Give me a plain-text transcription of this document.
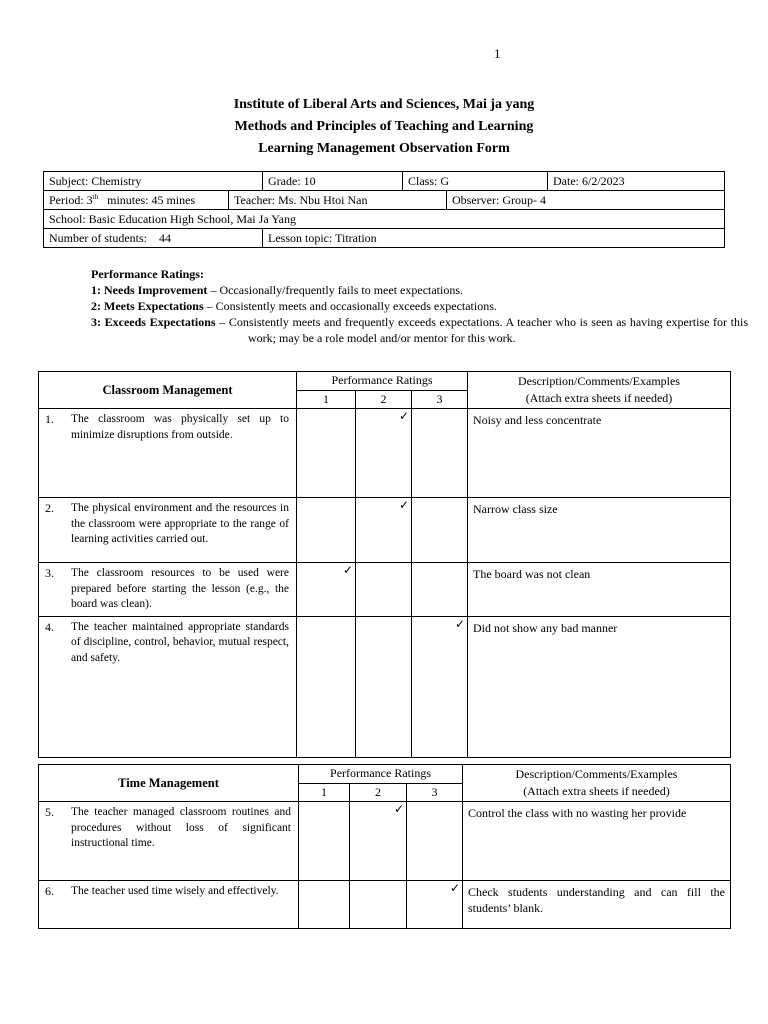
1
Institute of Liberal Arts and Sciences, Mai ja yang
Methods and Principles of Teaching and Learning
Learning Management Observation Form
Subject: Chemistry	Grade: 10	Class: G	Date: 6/2/2023

Period: 3th   minutes: 45 mines	Teacher: Ms. Nbu Htoi Nan	Observer: Group- 4

School: Basic Education High School, Mai Ja Yang
Number of students:    44	Lesson topic: Titration

Performance Ratings:

1: Needs Improvement – Occasionally/frequently fails to meet expectations.

2: Meets Expectations – Consistently meets and occasionally exceeds expectations.

3: Exceeds Expectations – Consistently meets and frequently exceeds expectations. A teacher who is seen as having expertise for this work; may be a role model and/or mentor for this work.

Classroom Management	Performance Ratings			Description/Comments/Examples
(Attach extra sheets if needed)

	1	2	3	

1. The classroom was physically set up to minimize disruptions from outside.		✓		Noisy and less concentrate

2. The physical environment and the resources in the classroom were appropriate to the range of learning activities carried out.		✓		Narrow class size

3. The classroom resources to be used were prepared before starting the lesson (e.g., the board was clean).	✓			The board was not clean

4. The teacher maintained appropriate standards of discipline, control, behavior, mutual respect, and safety.			✓	Did not show any bad manner
Time Management	Performance Ratings			Description/Comments/Examples
(Attach extra sheets if needed)

	1	2	3	

5. The teacher managed classroom routines and procedures without loss of significant instructional time.		✓		Control the class with no wasting her provide

6. The teacher used time wisely and effectively.			✓	Check students understanding and can fill the students’ blank.
